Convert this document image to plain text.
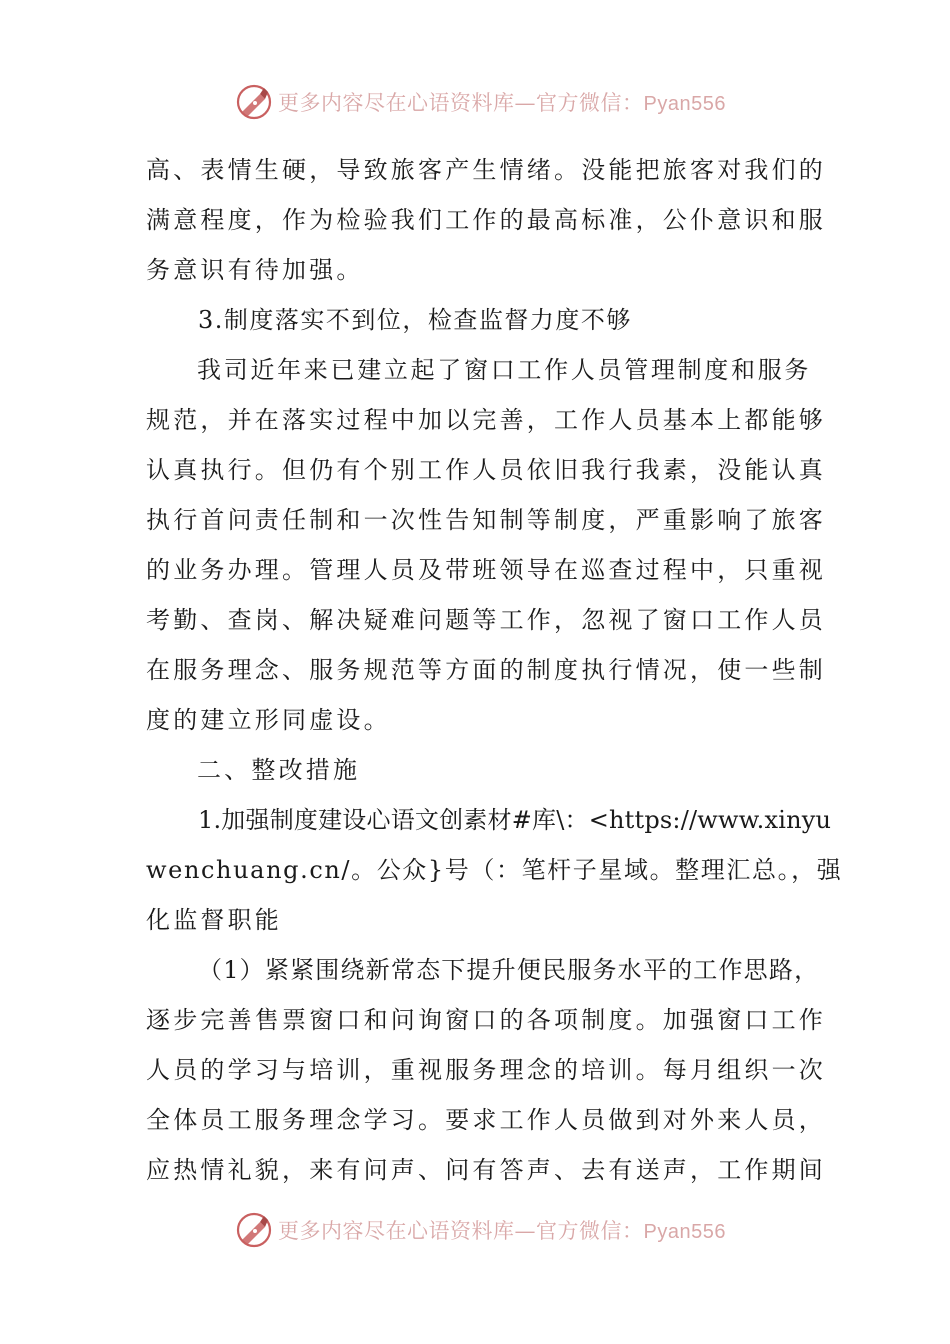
更多内容尽在心语资料库—官方微信：Pyan556
高、表情生硬，导致旅客产生情绪。没能把旅客对我们的
满意程度，作为检验我们工作的最高标准，公仆意识和服
务意识有待加强。
3.制度落实不到位，检查监督力度不够
我司近年来已建立起了窗口工作人员管理制度和服务
规范，并在落实过程中加以完善，工作人员基本上都能够
认真执行。但仍有个别工作人员依旧我行我素，没能认真
执行首问责任制和一次性告知制等制度，严重影响了旅客
的业务办理。管理人员及带班领导在巡查过程中，只重视
考勤、查岗、解决疑难问题等工作，忽视了窗口工作人员
在服务理念、服务规范等方面的制度执行情况，使一些制
度的建立形同虚设。
二、整改措施
1.加强制度建设心语文创素材#库\：<https://www.xinyu
wenchuang.cn/。公众}号（：笔杆子星域。整理汇总。，强
化监督职能
（1）紧紧围绕新常态下提升便民服务水平的工作思路，
逐步完善售票窗口和问询窗口的各项制度。加强窗口工作
人员的学习与培训，重视服务理念的培训。每月组织一次
全体员工服务理念学习。要求工作人员做到对外来人员，
应热情礼貌，来有问声、问有答声、去有送声，工作期间
更多内容尽在心语资料库—官方微信：Pyan556
